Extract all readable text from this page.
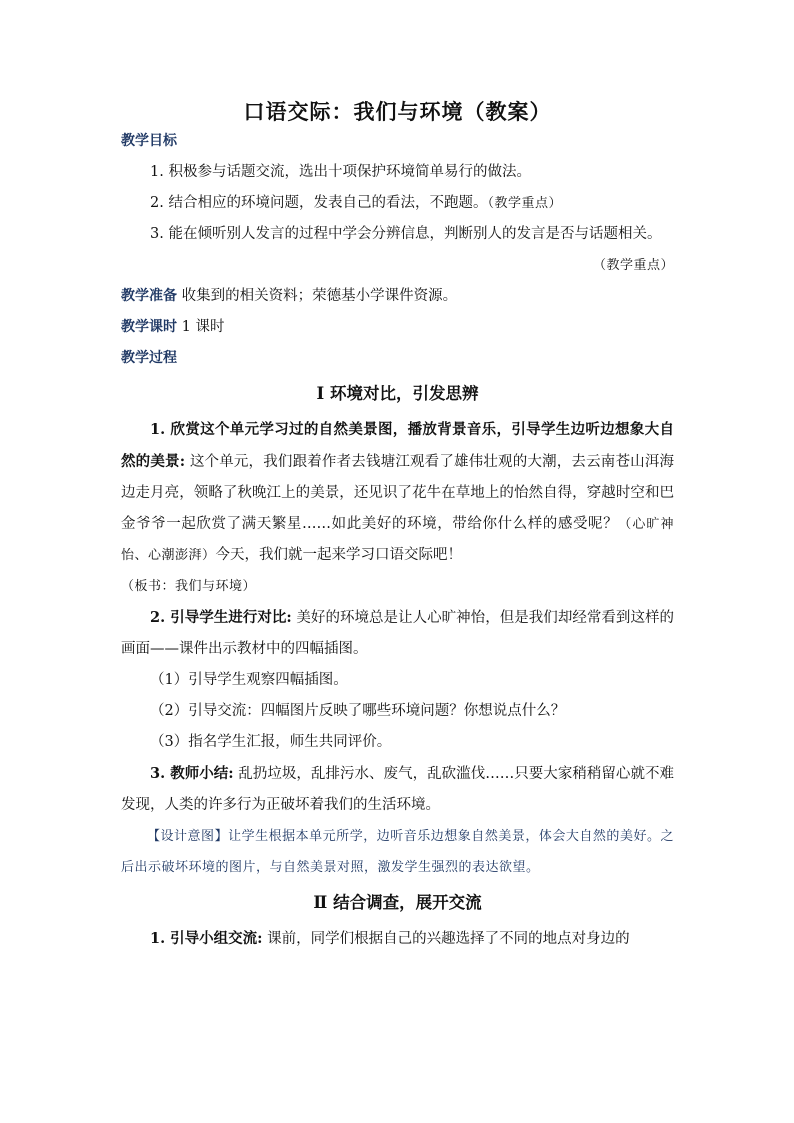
口语交际：我们与环境（教案）

教学目标

1. 积极参与话题交流，选出十项保护环境简单易行的做法。

2. 结合相应的环境问题，发表自己的看法，不跑题。（教学重点）

3. 能在倾听别人发言的过程中学会分辨信息，判断别人的发言是否与话题相关。
（教学重点）

教学准备 收集到的相关资料；荣德基小学课件资源。

教学课时 1 课时

教学过程

Ⅰ 环境对比，引发思辨

1. 欣赏这个单元学习过的自然美景图，播放背景音乐，引导学生边听边想象大自然的美景: 这个单元，我们跟着作者去钱塘江观看了雄伟壮观的大潮，去云南苍山洱海边走月亮，领略了秋晚江上的美景，还见识了花牛在草地上的怡然自得，穿越时空和巴金爷爷一起欣赏了满天繁星……如此美好的环境，带给你什么样的感受呢？（心旷神怡、心潮澎湃）今天，我们就一起来学习口语交际吧！

（板书：我们与环境）

2. 引导学生进行对比: 美好的环境总是让人心旷神怡，但是我们却经常看到这样的画面——课件出示教材中的四幅插图。

（1）引导学生观察四幅插图。

（2）引导交流：四幅图片反映了哪些环境问题？你想说点什么？

（3）指名学生汇报，师生共同评价。

3. 教师小结: 乱扔垃圾，乱排污水、废气，乱砍滥伐……只要大家稍稍留心就不难发现，人类的许多行为正破坏着我们的生活环境。

【设计意图】让学生根据本单元所学，边听音乐边想象自然美景，体会大自然的美好。之后出示破坏环境的图片，与自然美景对照，激发学生强烈的表达欲望。

Ⅱ 结合调查，展开交流

1. 引导小组交流: 课前，同学们根据自己的兴趣选择了不同的地点对身边的
